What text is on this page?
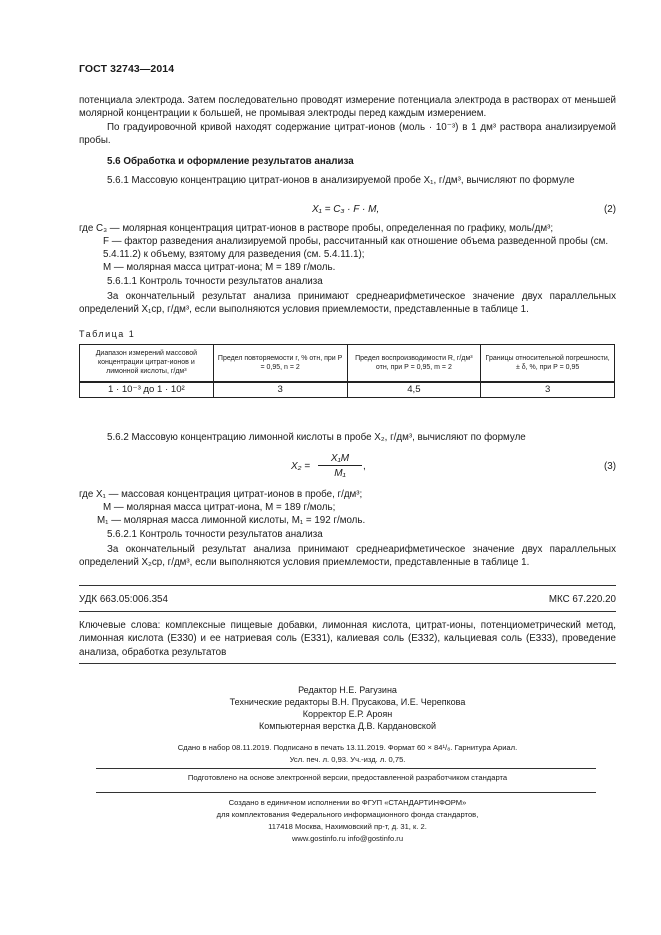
ГОСТ 32743—2014
потенциала электрода. Затем последовательно проводят измерение потенциала электрода в растворах от меньшей молярной концентрации к большей, не промывая электроды перед каждым измерением.
По градуировочной кривой находят содержание цитрат-ионов (моль · 10⁻³) в 1 дм³ раствора анализируемой пробы.
5.6 Обработка и оформление результатов анализа
5.6.1 Массовую концентрацию цитрат-ионов в анализируемой пробе X₁, г/дм³, вычисляют по формуле
X₁ = C₃ · F · M,	(2)
где C₃ — молярная концентрация цитрат-ионов в растворе пробы, определенная по графику, моль/дм³;
F — фактор разведения анализируемой пробы, рассчитанный как отношение объема разведенной пробы (см. 5.4.11.2) к объему, взятому для разведения (см. 5.4.11.1);
M — молярная масса цитрат-иона; M = 189 г/моль.
5.6.1.1 Контроль точности результатов анализа
За окончательный результат анализа принимают среднеарифметическое значение двух параллельных определений X₁ср, г/дм³, если выполняются условия приемлемости, представленные в таблице 1.
Таблица 1
Диапазон измерений массовой концентрации цитрат-ионов и лимонной кислоты, г/дм³	Предел повторяемости r, % отн, при P = 0,95, n = 2	Предел воспроизводимости R, г/дм³ отн, при P = 0,95, m = 2	Границы относительной погрешности, ± δ, %, при P = 0,95
1 · 10⁻³ до 1 · 10²	3	4,5	3
5.6.2 Массовую концентрацию лимонной кислоты в пробе X₂, г/дм³, вычисляют по формуле
$X_2 = \frac{\text{X₁M}}{\text{M₁}}$ ,	(3)
где X₁ — массовая концентрация цитрат-ионов в пробе, г/дм³;
M — молярная масса цитрат-иона, M = 189 г/моль;
M₁ — молярная масса лимонной кислоты, M₁ = 192 г/моль.
5.6.2.1 Контроль точности результатов анализа
За окончательный результат анализа принимают среднеарифметическое значение двух параллельных определений X₂ср, г/дм³, если выполняются условия приемлемости, представленные в таблице 1.
УДК 663.05:006.354	МКС 67.220.20
Ключевые слова: комплексные пищевые добавки, лимонная кислота, цитрат-ионы, потенциометрический метод, лимонная кислота (E330) и ее натриевая соль (E331), калиевая соль (E332), кальциевая соль (E333), проведение анализа, обработка результатов
Редактор Н.Е. Рагузина
Технические редакторы В.Н. Прусакова, И.Е. Черепкова
Корректор Е.Р. Ароян
Компьютерная верстка Д.В. Кардановской
Сдано в набор 08.11.2019. Подписано в печать 13.11.2019. Формат 60 × 84¹/₈. Гарнитура Ариал.
Усл. печ. л. 0,93. Уч.-изд. л. 0,75.
Подготовлено на основе электронной версии, предоставленной разработчиком стандарта
Создано в единичном исполнении во ФГУП «СТАНДАРТИНФОРМ»
для комплектования Федерального информационного фонда стандартов,
117418 Москва, Нахимовский пр-т, д. 31, к. 2.
www.gostinfo.ru info@gostinfo.ru
